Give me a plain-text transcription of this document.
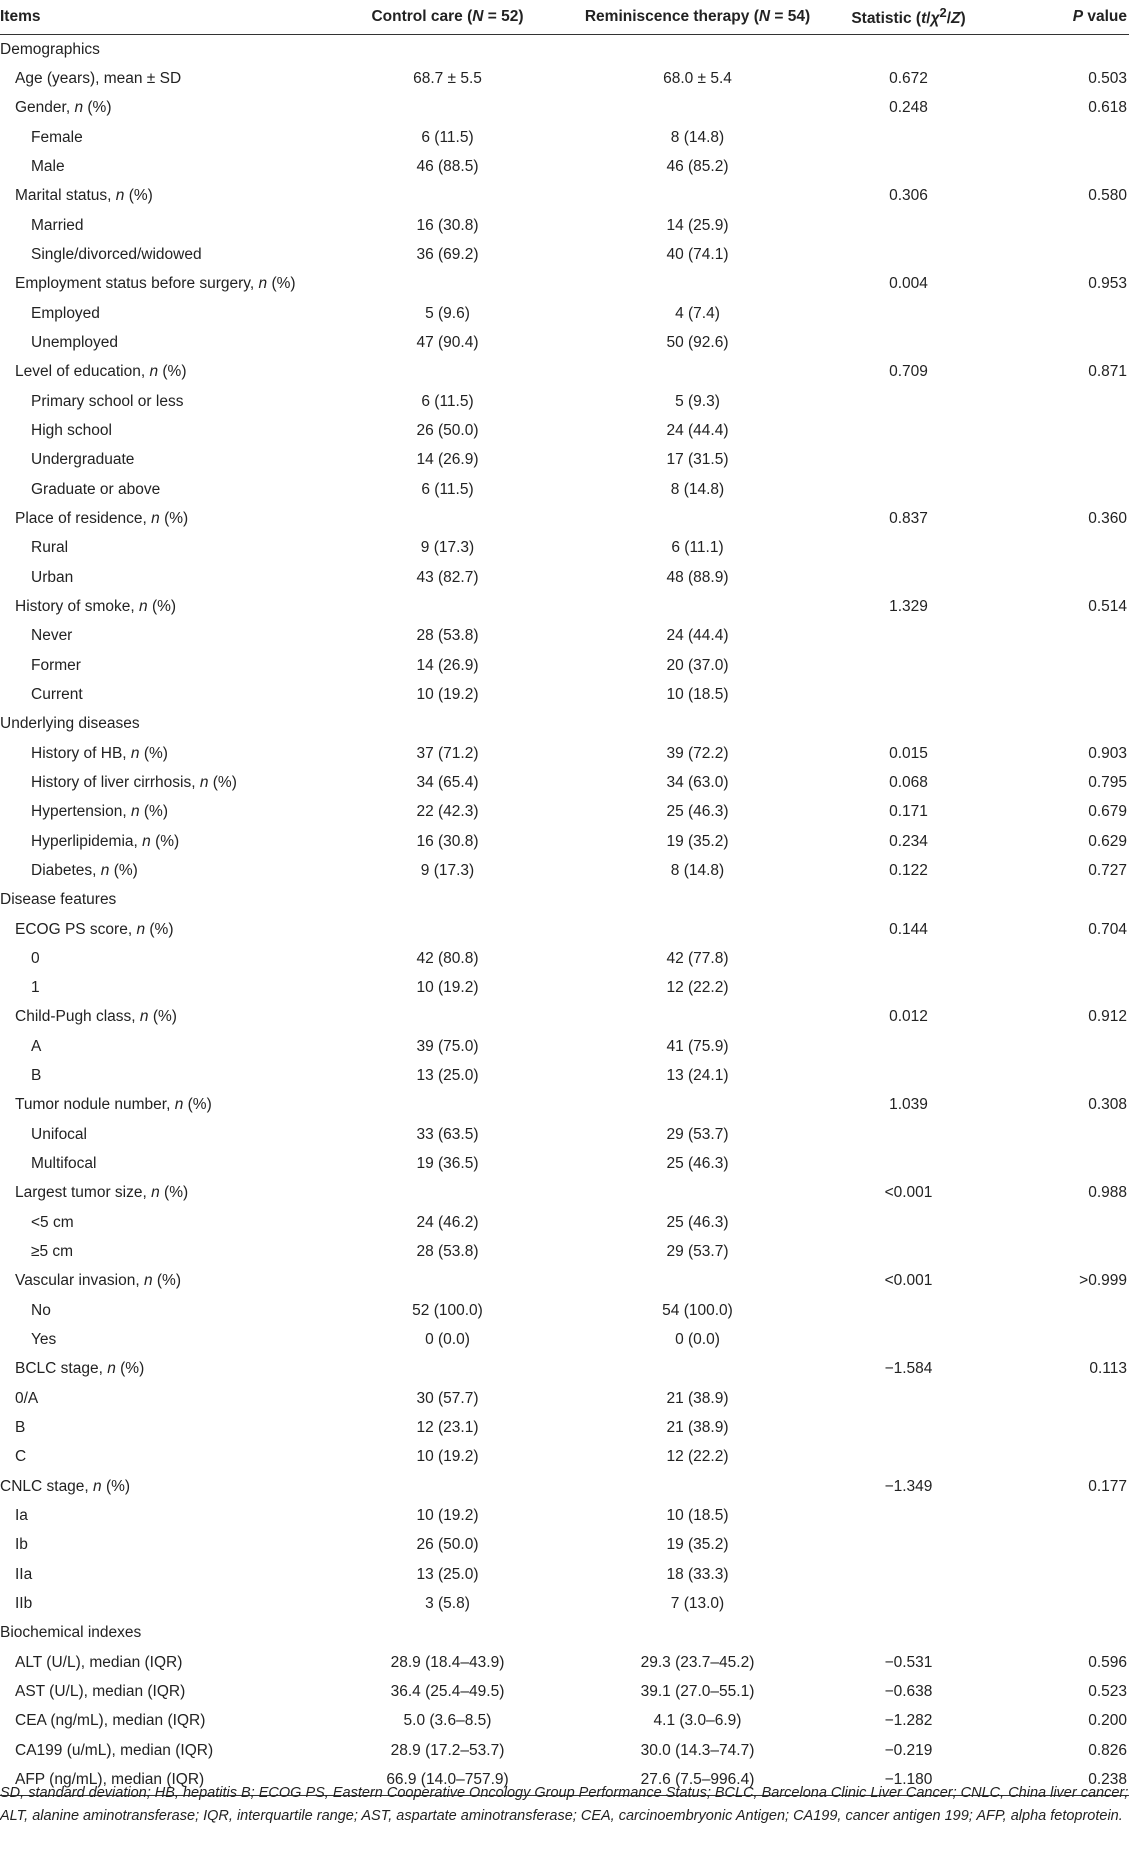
Items	Control care (N = 52)	Reminiscence therapy (N = 54)	Statistic $(t/\chi^2/Z)$	P value
Demographics				
Age (years), mean ± SD	68.7 ± 5.5	68.0 ± 5.4	0.672	0.503
Gender, n (%)			0.248	0.618
Female	6 (11.5)	8 (14.8)		
Male	46 (88.5)	46 (85.2)		
Marital status, n (%)			0.306	0.580
Married	16 (30.8)	14 (25.9)		
Single/divorced/widowed	36 (69.2)	40 (74.1)		
Employment status before surgery, n (%)			0.004	0.953
Employed	5 (9.6)	4 (7.4)		
Unemployed	47 (90.4)	50 (92.6)		
Level of education, n (%)			0.709	0.871
Primary school or less	6 (11.5)	5 (9.3)		
High school	26 (50.0)	24 (44.4)		
Undergraduate	14 (26.9)	17 (31.5)		
Graduate or above	6 (11.5)	8 (14.8)		
Place of residence, n (%)			0.837	0.360
Rural	9 (17.3)	6 (11.1)		
Urban	43 (82.7)	48 (88.9)		
History of smoke, n (%)			1.329	0.514
Never	28 (53.8)	24 (44.4)		
Former	14 (26.9)	20 (37.0)		
Current	10 (19.2)	10 (18.5)		
Underlying diseases				
History of HB, n (%)	37 (71.2)	39 (72.2)	0.015	0.903
History of liver cirrhosis, n (%)	34 (65.4)	34 (63.0)	0.068	0.795
Hypertension, n (%)	22 (42.3)	25 (46.3)	0.171	0.679
Hyperlipidemia, n (%)	16 (30.8)	19 (35.2)	0.234	0.629
Diabetes, n (%)	9 (17.3)	8 (14.8)	0.122	0.727
Disease features				
ECOG PS score, n (%)			0.144	0.704
0	42 (80.8)	42 (77.8)		
1	10 (19.2)	12 (22.2)		
Child-Pugh class, n (%)			0.012	0.912
A	39 (75.0)	41 (75.9)		
B	13 (25.0)	13 (24.1)		
Tumor nodule number, n (%)			1.039	0.308
Unifocal	33 (63.5)	29 (53.7)		
Multifocal	19 (36.5)	25 (46.3)		
Largest tumor size, n (%)			<0.001	0.988
<5 cm	24 (46.2)	25 (46.3)		
≥5 cm	28 (53.8)	29 (53.7)		
Vascular invasion, n (%)			<0.001	>0.999
No	52 (100.0)	54 (100.0)		
Yes	0 (0.0)	0 (0.0)		
BCLC stage, n (%)			−1.584	0.113
0/A	30 (57.7)	21 (38.9)		
B	12 (23.1)	21 (38.9)		
C	10 (19.2)	12 (22.2)		
CNLC stage, n (%)			−1.349	0.177
Ia	10 (19.2)	10 (18.5)		
Ib	26 (50.0)	19 (35.2)		
IIa	13 (25.0)	18 (33.3)		
IIb	3 (5.8)	7 (13.0)		
Biochemical indexes				
ALT (U/L), median (IQR)	28.9 (18.4–43.9)	29.3 (23.7–45.2)	−0.531	0.596
AST (U/L), median (IQR)	36.4 (25.4–49.5)	39.1 (27.0–55.1)	−0.638	0.523
CEA (ng/mL), median (IQR)	5.0 (3.6–8.5)	4.1 (3.0–6.9)	−1.282	0.200
CA199 (u/mL), median (IQR)	28.9 (17.2–53.7)	30.0 (14.3–74.7)	−0.219	0.826
AFP (ng/mL), median (IQR)	66.9 (14.0–757.9)	27.6 (7.5–996.4)	−1.180	0.238

SD, standard deviation; HB, hepatitis B; ECOG PS, Eastern Cooperative Oncology Group Performance Status; BCLC, Barcelona Clinic Liver Cancer; CNLC, China liver cancer;

ALT, alanine aminotransferase; IQR, interquartile range; AST, aspartate aminotransferase; CEA, carcinoembryonic Antigen; CA199, cancer antigen 199; AFP, alpha fetoprotein.
